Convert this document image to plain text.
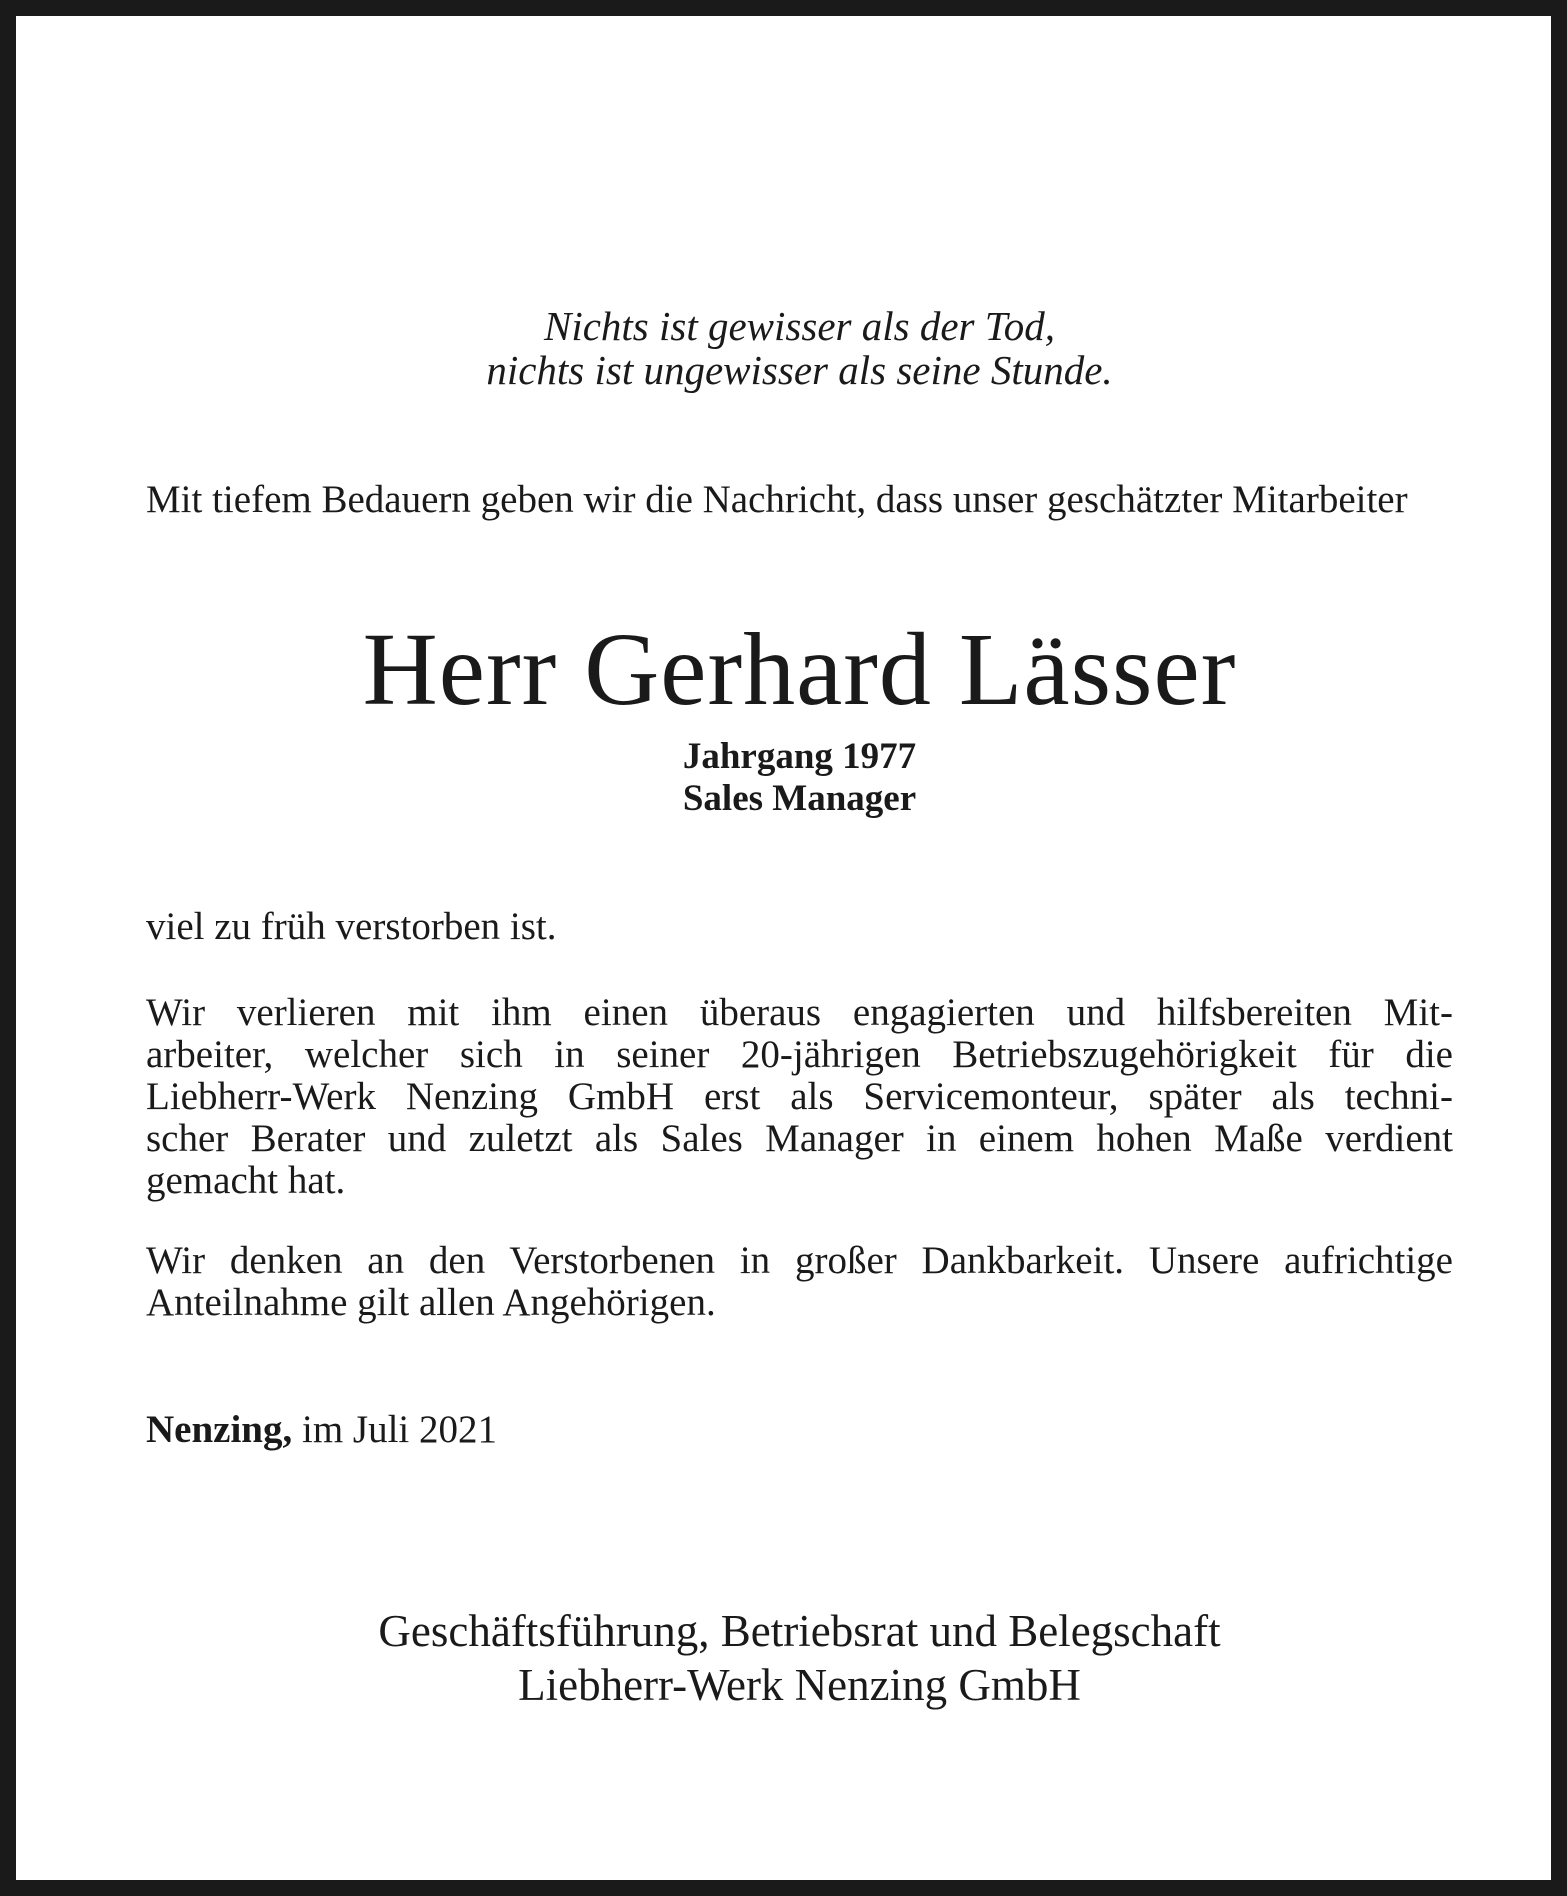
Nichts ist gewisser als der Tod,
nichts ist ungewisser als seine Stunde.
Mit tiefem Bedauern geben wir die Nachricht, dass unser geschätzter Mitarbeiter
Herr Gerhard Lässer
Jahrgang 1977
Sales Manager
viel zu früh verstorben ist.
Wir verlieren mit ihm einen überaus engagierten und hilfsbereiten Mit-
arbeiter, welcher sich in seiner 20-jährigen Betriebszugehörigkeit für die
Liebherr-Werk Nenzing GmbH erst als Servicemonteur, später als techni-
scher Berater und zuletzt als Sales Manager in einem hohen Maße verdient
gemacht hat.
Wir denken an den Verstorbenen in großer Dankbarkeit. Unsere aufrichtige
Anteilnahme gilt allen Angehörigen.
Nenzing, im Juli 2021
Geschäftsführung, Betriebsrat und Belegschaft
Liebherr-Werk Nenzing GmbH
